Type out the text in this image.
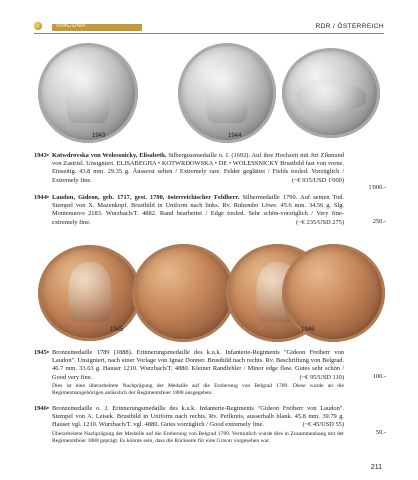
SINCONA	RDR / ÖSTERREICH
1943	1944
1943• Kotwdrovska von Wolessnicky, Elisabeth. Silbergussmedaille o. J. (1692). Auf ihre Hochzeit mit Jiri Zikmund von Zastrizl. Unsigniert. ELISABEGHA • KOTWRDOWSKA • DE • WOLESSNICKY Brustbild fast von vorne. Einseitig. 43.8 mm. 29.35 g. Äusserst selten / Extremely rare. Felder geglättet / Fields tooled. Vorzüglich / Extremely fine.	(~€ 935/USD 1'000)
1'000.-
1944• Laudon, Gideon, geb. 1717, gest. 1790, österreichischer Feldherr. Silbermedaille 1790. Auf seinen Tod. Stempel von X. Mazenkopf. Brustbild in Uniform nach links. Rv. Ruhender Löwe. 45.6 mm. 34.56 g. Slg. Montenuovo 2183. Wurzbach/T. 4882. Rand bearbeitet / Edge tooled. Sehr schön-vorzüglich / Very fine-extremely fine.	(~€ 235/USD 275)	250.-
1945	1946
1945• Bronzemedaille 1789 (1888). Erinnerungsmedaille des k.u.k. Infanterie-Regiments "Gideon Freiherr von Laudon". Unsigniert, nach einer Vorlage von Ignaz Donner. Brustbild nach rechts. Rv. Beschriftung von Belgrad. 46.7 mm. 33.63 g. Hauser 1210. Wurzbach/T. 4880. Kleiner Randfehler / Minor edge flaw. Gutes sehr schön / Good very fine.	(~€ 95/USD 110)
Dies ist eine überarbeitete Nachprägung der Medaille auf die Eroberung von Belgrad 1789. Diese wurde an die Regimentsangehörigen anlässlich der Regimentsfeier 1888 ausgegeben.
100.-
1946• Bronzemedaille o. J. Erinnerungsmedaille des k.u.k. Infanterie-Regiments "Gideon Freiherr von Laudon". Stempel von A. Leisek. Brustbild in Uniform nach rechts. Rv. Perlkreis, ausserhalb blank. 45.8 mm. 39.79 g. Hauser vgl. 1210. Wurzbach/T. vgl. 4880. Gutes vorzüglich / Good extremely fine.	(~€ 45/USD 55)
Überarbeitete Nachprägung der Medaille auf die Eroberung von Belgrad 1789. Vermutlich wurde dies in Zusammenhang mit der Regimentsfeier 1888 geprägt. Es könnte sein, dass die Rückseite für eine Gravur vorgesehen war.
50.-
211
